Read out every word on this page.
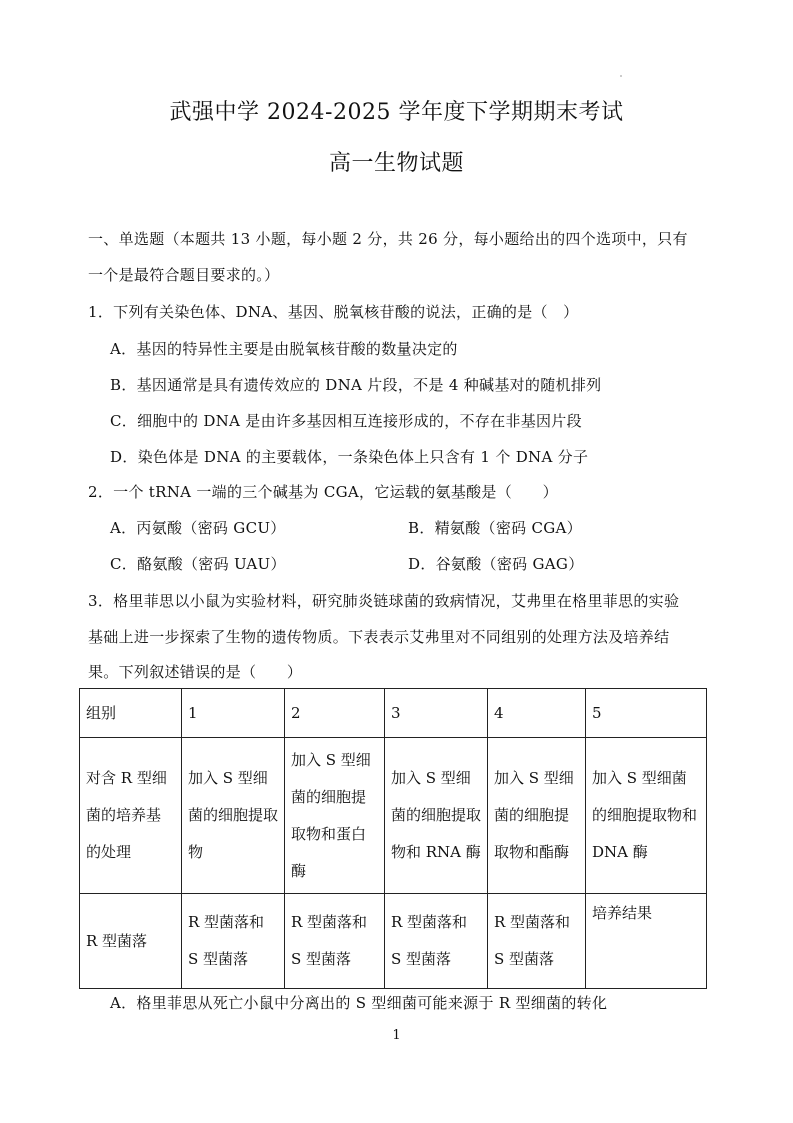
武强中学 2024-2025 学年度下学期期末考试
高一生物试题
一、单选题（本题共 13 小题，每小题 2 分，共 26 分，每小题给出的四个选项中，只有
一个是最符合题目要求的。）
1．下列有关染色体、DNA、基因、脱氧核苷酸的说法，正确的是（　）
A．基因的特异性主要是由脱氧核苷酸的数量决定的
B．基因通常是具有遗传效应的 DNA 片段，不是 4 种碱基对的随机排列
C．细胞中的 DNA 是由许多基因相互连接形成的，不存在非基因片段
D．染色体是 DNA 的主要载体，一条染色体上只含有 1 个 DNA 分子
2．一个 tRNA 一端的三个碱基为 CGA，它运载的氨基酸是（　　）
A．丙氨酸（密码 GCU）	B．精氨酸（密码 CGA）
C．酪氨酸（密码 UAU）	D．谷氨酸（密码 GAG）
3．格里菲思以小鼠为实验材料，研究肺炎链球菌的致病情况，艾弗里在格里菲思的实验
基础上进一步探索了生物的遗传物质。下表表示艾弗里对不同组别的处理方法及培养结
果。下列叙述错误的是（　　）
组别	1	2	3	4	5
对含 R 型细菌的培养基的处理	加入 S 型细菌的细胞提取物	加入 S 型细菌的细胞提取物和蛋白酶	加入 S 型细菌的细胞提取物和 RNA 酶	加入 S 型细菌的细胞提取物和酯酶	加入 S 型细菌的细胞提取物和 DNA 酶
R 型菌落	R 型菌落和 S 型菌落	R 型菌落和 S 型菌落	R 型菌落和 S 型菌落	R 型菌落和 S 型菌落	培养结果
A．格里菲思从死亡小鼠中分离出的 S 型细菌可能来源于 R 型细菌的转化
1
